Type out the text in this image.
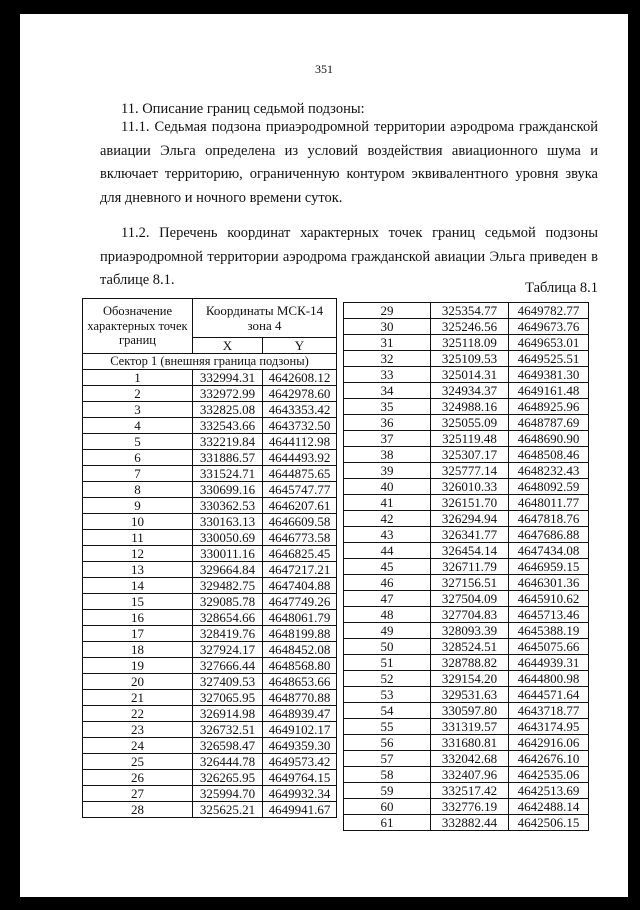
351
11. Описание границ седьмой подзоны:
11.1. Седьмая подзона приаэродромной территории аэродрома гражданской авиации Эльга определена из условий воздействия авиационного шума и включает территорию, ограниченную контуром эквивалентного уровня звука для дневного и ночного времени суток.
11.2. Перечень координат характерных точек границ седьмой подзоны приаэродромной территории аэродрома гражданской авиации Эльга приведен в таблице 8.1.	Таблица 8.1
Обозначение характерных точек границ	Координаты МСК-14 зона 4	
	X	Y
Сектор 1 (внешняя граница подзоны)		
1	332994.31	4642608.12
2	332972.99	4642978.60
3	332825.08	4643353.42
4	332543.66	4643732.50
5	332219.84	4644112.98
6	331886.57	4644493.92
7	331524.71	4644875.65
8	330699.16	4645747.77
9	330362.53	4646207.61
10	330163.13	4646609.58
11	330050.69	4646773.58
12	330011.16	4646825.45
13	329664.84	4647217.21
14	329482.75	4647404.88
15	329085.78	4647749.26
16	328654.66	4648061.79
17	328419.76	4648199.88
18	327924.17	4648452.08
19	327666.44	4648568.80
20	327409.53	4648653.66
21	327065.95	4648770.88
22	326914.98	4648939.47
23	326732.51	4649102.17
24	326598.47	4649359.30
25	326444.78	4649573.42
26	326265.95	4649764.15
27	325994.70	4649932.34
28	325625.21	4649941.67
29	325354.77	4649782.77
30	325246.56	4649673.76
31	325118.09	4649653.01
32	325109.53	4649525.51
33	325014.31	4649381.30
34	324934.37	4649161.48
35	324988.16	4648925.96
36	325055.09	4648787.69
37	325119.48	4648690.90
38	325307.17	4648508.46
39	325777.14	4648232.43
40	326010.33	4648092.59
41	326151.70	4648011.77
42	326294.94	4647818.76
43	326341.77	4647686.88
44	326454.14	4647434.08
45	326711.79	4646959.15
46	327156.51	4646301.36
47	327504.09	4645910.62
48	327704.83	4645713.46
49	328093.39	4645388.19
50	328524.51	4645075.66
51	328788.82	4644939.31
52	329154.20	4644800.98
53	329531.63	4644571.64
54	330597.80	4643718.77
55	331319.57	4643174.95
56	331680.81	4642916.06
57	332042.68	4642676.10
58	332407.96	4642535.06
59	332517.42	4642513.69
60	332776.19	4642488.14
61	332882.44	4642506.15
